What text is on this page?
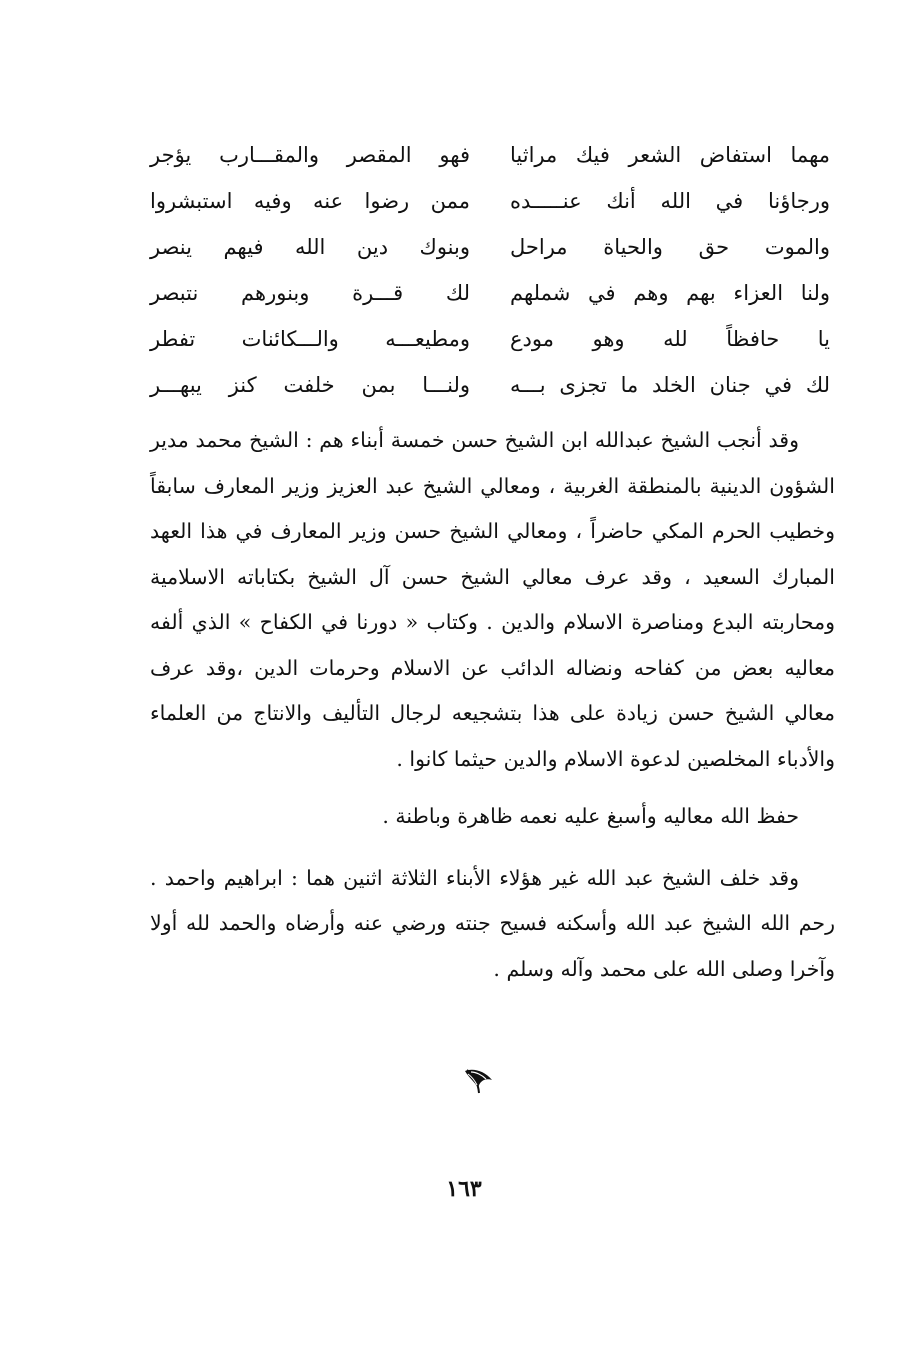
مهما استفاض الشعر فيك مراثيا
فهو المقصر والمقـــارب يؤجر
ورجاؤنا في الله أنك عنـــــده
ممن رضوا عنه وفيه استبشروا
والموت حق والحياة مراحل
وبنوك دين الله فيهم ينصر
ولنا العزاء بهم وهم في شملهم
لك قـــرة وبنورهم نتبصر
يا حافظاً لله وهو مودع
ومطيعـــه والـــكائنات تفطر
لك في جنان الخلد ما تجزى بـــه
ولنـــا بمن خلفت كنز يبهـــر

وقد أنجب الشيخ عبدالله ابن الشيخ حسن خمسة أبناء هم : الشيخ محمد مدير الشؤون الدينية بالمنطقة الغربية ، ومعالي الشيخ عبد العزيز وزير المعارف سابقاً وخطيب الحرم المكي حاضراً ، ومعالي الشيخ حسن وزير المعارف في هذا العهد المبارك السعيد ، وقد عرف معالي الشيخ حسن آل الشيخ بكتاباته الاسلامية ومحاربته البدع ومناصرة الاسلام والدين . وكتاب « دورنا في الكفاح » الذي ألفه معاليه بعض من كفاحه ونضاله الدائب عن الاسلام وحرمات الدين ،وقد عرف معالي الشيخ حسن زيادة على هذا بتشجيعه لرجال التأليف والانتاج من العلماء والأدباء المخلصين لدعوة الاسلام والدين حيثما كانوا .

حفظ الله معاليه وأسبغ عليه نعمه ظاهرة وباطنة .

وقد خلف الشيخ عبد الله غير هؤلاء الأبناء الثلاثة اثنين هما : ابراهيم واحمد . رحم الله الشيخ عبد الله وأسكنه فسيح جنته ورضي عنه وأرضاه والحمد لله أولا وآخرا وصلى الله على محمد وآله وسلم .

١٦٣
